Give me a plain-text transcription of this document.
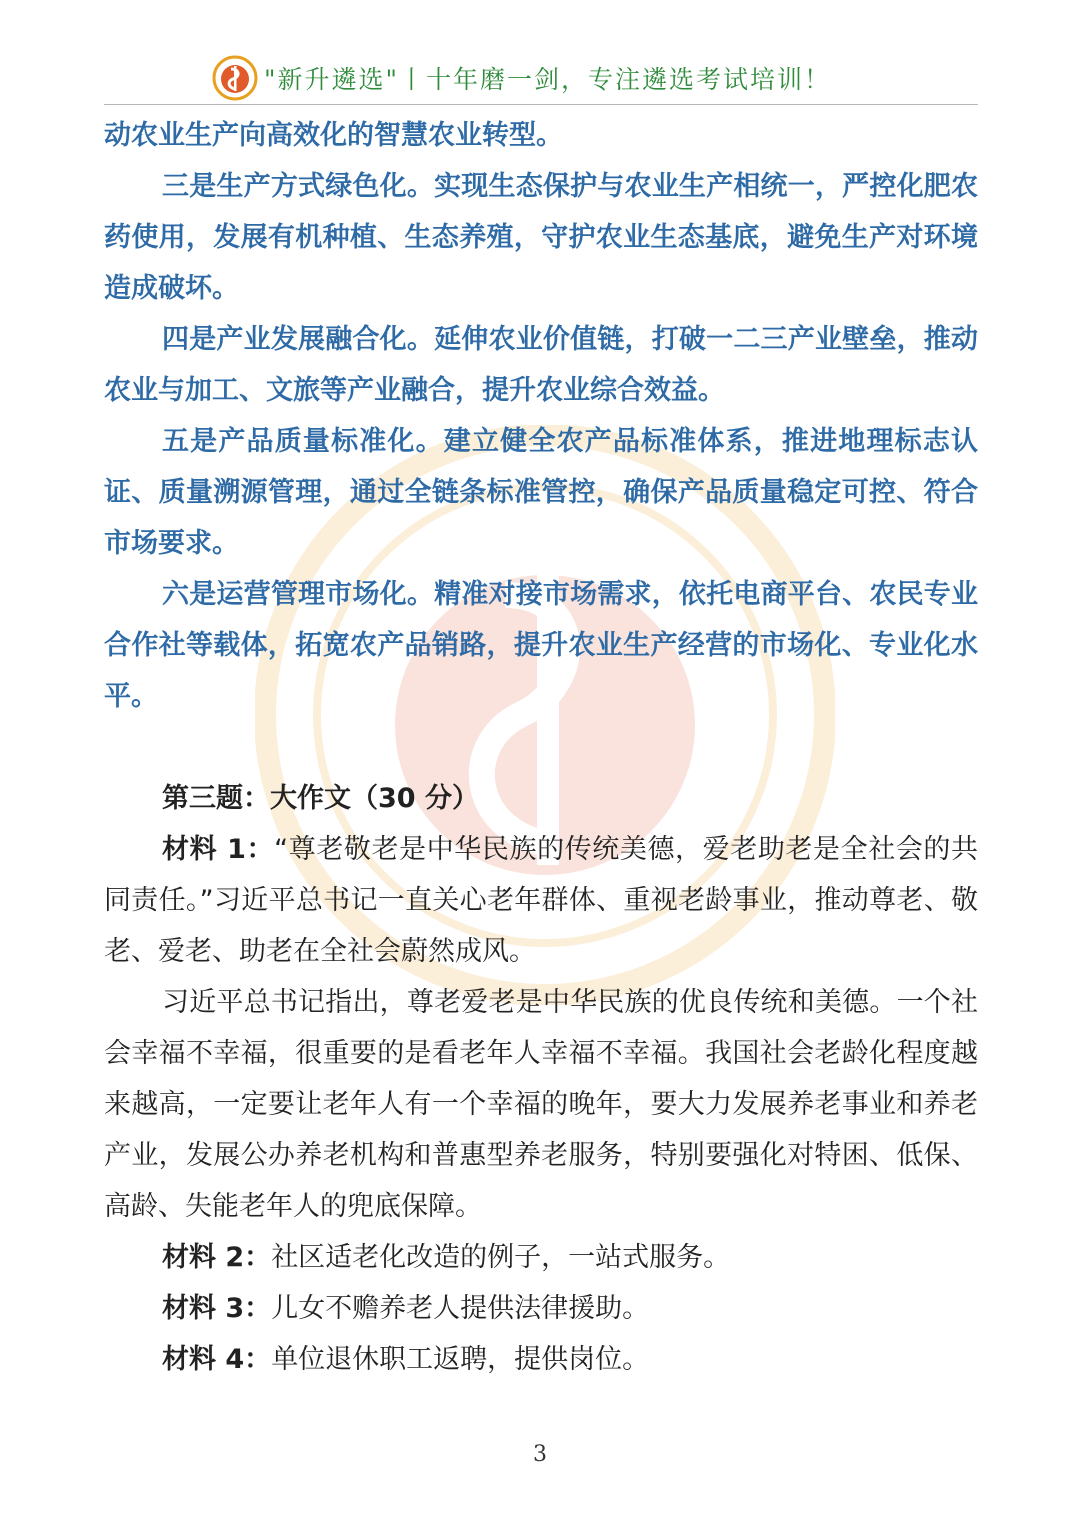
"新升遴选"丨十年磨一剑，专注遴选考试培训！

动农业生产向高效化的智慧农业转型。

三是生产方式绿色化。实现生态保护与农业生产相统一，严控化肥农药使用，发展有机种植、生态养殖，守护农业生态基底，避免生产对环境造成破坏。

四是产业发展融合化。延伸农业价值链，打破一二三产业壁垒，推动农业与加工、文旅等产业融合，提升农业综合效益。

五是产品质量标准化。建立健全农产品标准体系，推进地理标志认证、质量溯源管理，通过全链条标准管控，确保产品质量稳定可控、符合市场要求。

六是运营管理市场化。精准对接市场需求，依托电商平台、农民专业合作社等载体，拓宽农产品销路，提升农业生产经营的市场化、专业化水平。

第三题：大作文（30 分）

材料 1：“尊老敬老是中华民族的传统美德，爱老助老是全社会的共同责任。”习近平总书记一直关心老年群体、重视老龄事业，推动尊老、敬老、爱老、助老在全社会蔚然成风。

习近平总书记指出，尊老爱老是中华民族的优良传统和美德。一个社会幸福不幸福，很重要的是看老年人幸福不幸福。我国社会老龄化程度越来越高，一定要让老年人有一个幸福的晚年，要大力发展养老事业和养老产业，发展公办养老机构和普惠型养老服务，特别要强化对特困、低保、高龄、失能老年人的兜底保障。

材料 2：社区适老化改造的例子，一站式服务。

材料 3：儿女不赡养老人提供法律援助。

材料 4：单位退休职工返聘，提供岗位。

3
